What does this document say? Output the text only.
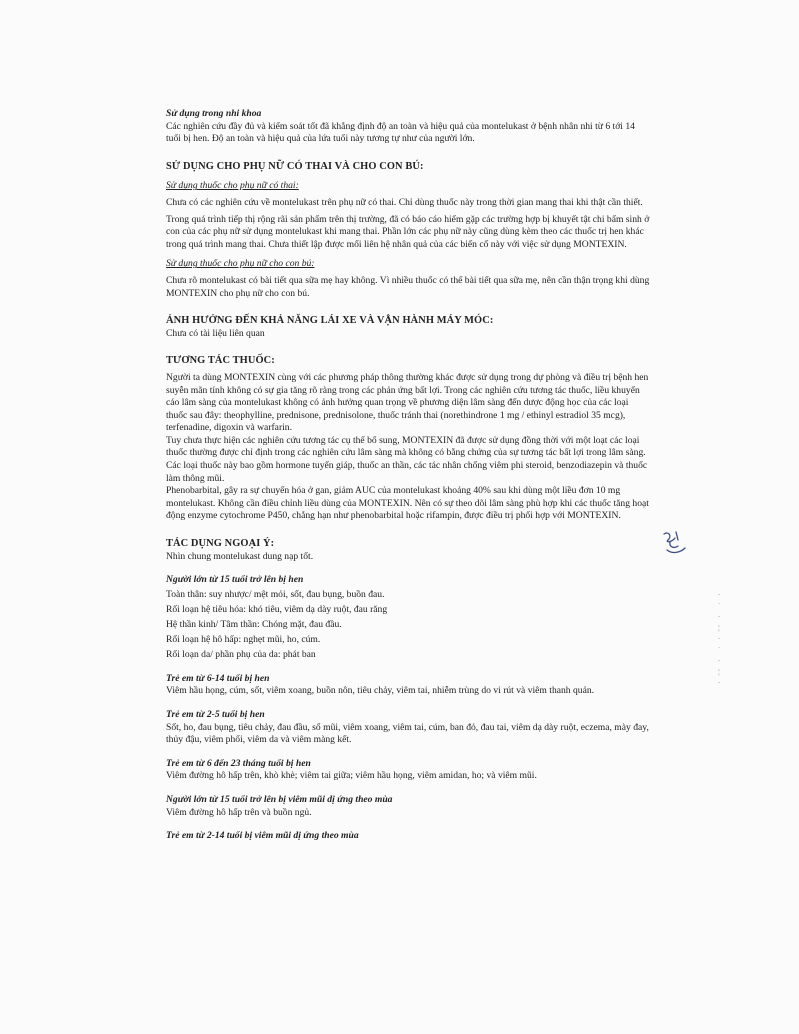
Sử dụng trong nhi khoa

Các nghiên cứu đầy đủ và kiểm soát tốt đã khẳng định độ an toàn và hiệu quả của montelukast ở bệnh nhân nhi từ 6 tới 14 tuổi bị hen. Độ an toàn và hiệu quả của lứa tuổi này tương tự như của người lớn.

SỬ DỤNG CHO PHỤ NỮ CÓ THAI VÀ CHO CON BÚ:

Sử dụng thuốc cho phụ nữ có thai:

Chưa có các nghiên cứu về montelukast trên phụ nữ có thai. Chỉ dùng thuốc này trong thời gian mang thai khi thật cần thiết.

Trong quá trình tiếp thị rộng rãi sản phẩm trên thị trường, đã có báo cáo hiếm gặp các trường hợp bị khuyết tật chi bẩm sinh ở con của các phụ nữ sử dụng montelukast khi mang thai. Phần lớn các phụ nữ này cũng dùng kèm theo các thuốc trị hen khác trong quá trình mang thai. Chưa thiết lập được mối liên hệ nhân quả của các biến cố này với việc sử dụng MONTEXIN.

Sử dụng thuốc cho phụ nữ cho con bú:

Chưa rõ montelukast có bài tiết qua sữa mẹ hay không. Vì nhiều thuốc có thể bài tiết qua sữa mẹ, nên cần thận trọng khi dùng MONTEXIN cho phụ nữ cho con bú.

ẢNH HƯỞNG ĐẾN KHẢ NĂNG LÁI XE VÀ VẬN HÀNH MÁY MÓC:

Chưa có tài liệu liên quan

TƯƠNG TÁC THUỐC:

Người ta dùng MONTEXIN cùng với các phương pháp thông thường khác được sử dụng trong dự phòng và điều trị bệnh hen suyễn mãn tính không có sự gia tăng rõ ràng trong các phản ứng bất lợi. Trong các nghiên cứu tương tác thuốc, liều khuyến cáo lâm sàng của montelukast không có ảnh hưởng quan trọng về phương diện lâm sàng đến dược động học của các loại thuốc sau đây: theophylline, prednisone, prednisolone, thuốc tránh thai (norethindrone 1 mg / ethinyl estradiol 35 mcg), terfenadine, digoxin và warfarin.

Tuy chưa thực hiện các nghiên cứu tương tác cụ thể bổ sung, MONTEXIN đã được sử dụng đồng thời với một loạt các loại thuốc thường được chỉ định trong các nghiên cứu lâm sàng mà không có bằng chứng của sự tương tác bất lợi trong lâm sàng. Các loại thuốc này bao gồm hormone tuyến giáp, thuốc an thần, các tác nhân chống viêm phi steroid, benzodiazepin và thuốc làm thông mũi.

Phenobarbital, gây ra sự chuyển hóa ở gan, giảm AUC của montelukast khoảng 40% sau khi dùng một liều đơn 10 mg montelukast. Không cần điều chỉnh liều dùng của MONTEXIN. Nên có sự theo dõi lâm sàng phù hợp khi các thuốc tăng hoạt động enzyme cytochrome P450, chẳng hạn như phenobarbital hoặc rifampin, được điều trị phối hợp với MONTEXIN.

TÁC DỤNG NGOẠI Ý:

Nhìn chung montelukast dung nạp tốt.

Người lớn từ 15 tuổi trở lên bị hen

Toàn thân: suy nhược/ mệt mỏi, sốt, đau bụng, buồn đau.

Rối loạn hệ tiêu hóa: khó tiêu, viêm dạ dày ruột, đau răng

Hệ thần kinh/ Tâm thần: Chóng mặt, đau đầu.

Rối loạn hệ hô hấp: nghẹt mũi, ho, cúm.

Rối loạn da/ phần phụ của da: phát ban

Trẻ em từ 6-14 tuổi bị hen

Viêm hầu họng, cúm, sốt, viêm xoang, buồn nôn, tiêu chảy, viêm tai, nhiễm trùng do vi rút và viêm thanh quản.

Trẻ em từ 2-5 tuổi bị hen

Sốt, ho, đau bụng, tiêu chảy, đau đầu, sổ mũi, viêm xoang, viêm tai, cúm, ban đỏ, đau tai, viêm dạ dày ruột, eczema, mày đay, thủy đậu, viêm phổi, viêm da và viêm màng kết.

Trẻ em từ 6 đến 23 tháng tuổi bị hen

Viêm đường hô hấp trên, khò khè; viêm tai giữa; viêm hầu họng, viêm amidan, ho; và viêm mũi.

Người lớn từ 15 tuổi trở lên bị viêm mũi dị ứng theo mùa

Viêm đường hô hấp trên và buồn ngủ.

Trẻ em từ 2-14 tuổi bị viêm mũi dị ứng theo mùa

·
˙
·
¦
·
˙
·
¦
·
